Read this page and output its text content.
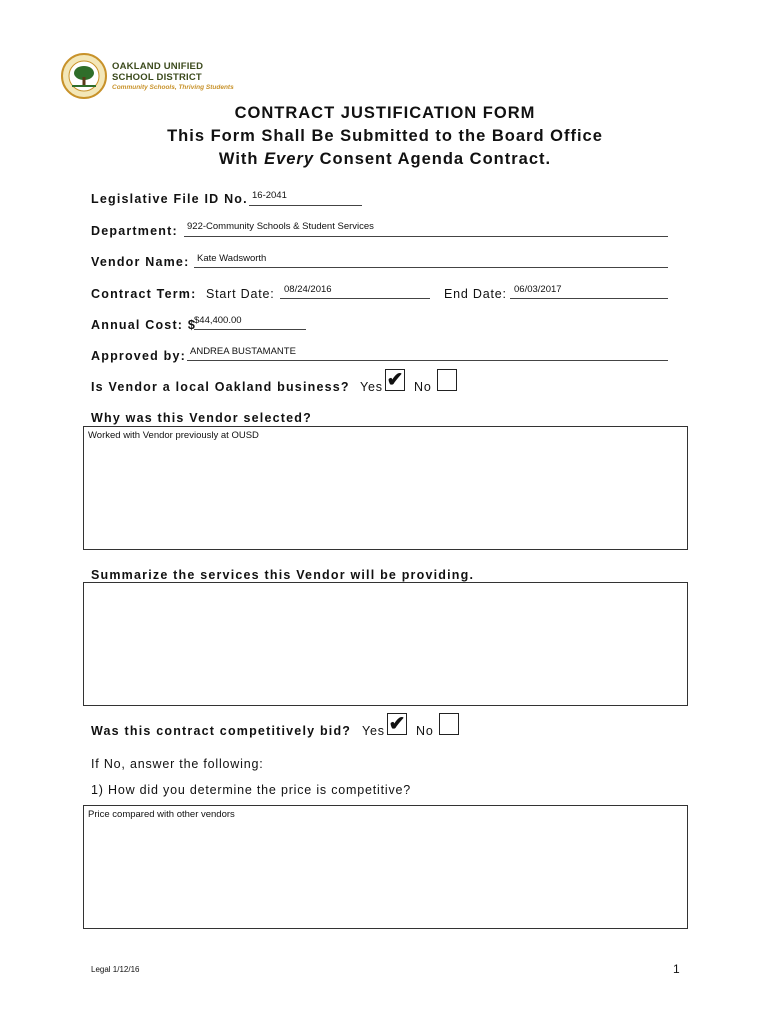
OAKLAND UNIFIED
SCHOOL DISTRICT
Community Schools, Thriving Students
CONTRACT JUSTIFICATION FORM
This Form Shall Be Submitted to the Board Office
With Every Consent Agenda Contract.
Legislative File ID No. 16-2041
Department: 922-Community Schools & Student Services
Vendor Name: Kate Wadsworth
Contract Term: Start Date: 08/24/2016	End Date: 06/03/2017
Annual Cost: $
$44,400.00
Approved by: ANDREA BUSTAMANTE
Is Vendor a local Oakland business? Yes ✔ No
Why was this Vendor selected?
Worked with Vendor previously at OUSD
Summarize the services this Vendor will be providing.
Was this contract competitively bid? Yes ✔ No
If No, answer the following:
1) How did you determine the price is competitive?
Price compared with other vendors
Legal 1/12/16	1
